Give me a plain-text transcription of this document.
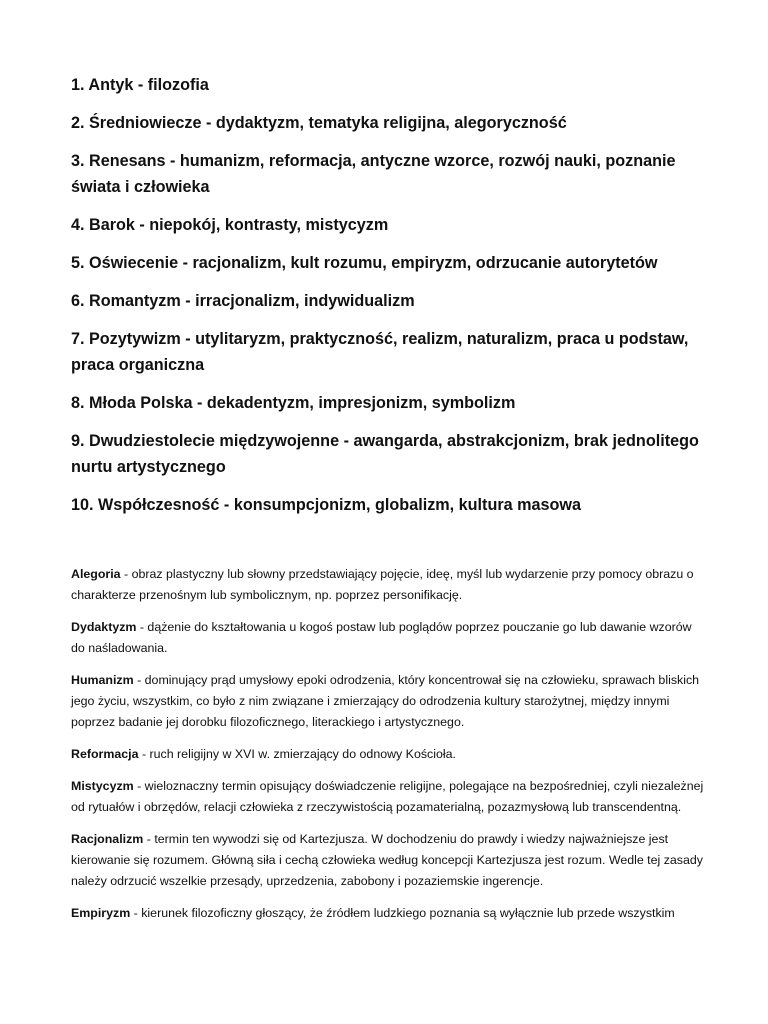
1. Antyk - filozofia
2. Średniowiecze - dydaktyzm, tematyka religijna, alegoryczność
3. Renesans - humanizm, reformacja, antyczne wzorce, rozwój nauki, poznanie świata i człowieka
4. Barok - niepokój, kontrasty, mistycyzm
5. Oświecenie - racjonalizm, kult rozumu, empiryzm, odrzucanie autorytetów
6. Romantyzm - irracjonalizm, indywidualizm
7. Pozytywizm - utylitaryzm, praktyczność, realizm, naturalizm, praca u podstaw, praca organiczna
8. Młoda Polska - dekadentyzm, impresjonizm, symbolizm
9. Dwudziestolecie międzywojenne - awangarda, abstrakcjonizm, brak jednolitego nurtu artystycznego
10. Współczesność - konsumpcjonizm, globalizm, kultura masowa

Alegoria - obraz plastyczny lub słowny przedstawiający pojęcie, ideę, myśl lub wydarzenie przy pomocy obrazu o charakterze przenośnym lub symbolicznym, np. poprzez personifikację.

Dydaktyzm - dążenie do kształtowania u kogoś postaw lub poglądów poprzez pouczanie go lub dawanie wzorów do naśladowania.

Humanizm - dominujący prąd umysłowy epoki odrodzenia, który koncentrował się na człowieku, sprawach bliskich jego życiu, wszystkim, co było z nim związane i zmierzający do odrodzenia kultury starożytnej, między innymi poprzez badanie jej dorobku filozoficznego, literackiego i artystycznego.

Reformacja - ruch religijny w XVI w. zmierzający do odnowy Kościoła.

Mistycyzm - wieloznaczny termin opisujący doświadczenie religijne, polegające na bezpośredniej, czyli niezależnej od rytuałów i obrzędów, relacji człowieka z rzeczywistością pozamaterialną, pozazmysłową lub transcendentną.

Racjonalizm - termin ten wywodzi się od Kartezjusza. W dochodzeniu do prawdy i wiedzy najważniejsze jest kierowanie się rozumem. Główną siła i cechą człowieka według koncepcji Kartezjusza jest rozum. Wedle tej zasady należy odrzucić wszelkie przesądy, uprzedzenia, zabobony i pozaziemskie ingerencje.

Empiryzm - kierunek filozoficzny głoszący, że źródłem ludzkiego poznania są wyłącznie lub przede wszystkim
